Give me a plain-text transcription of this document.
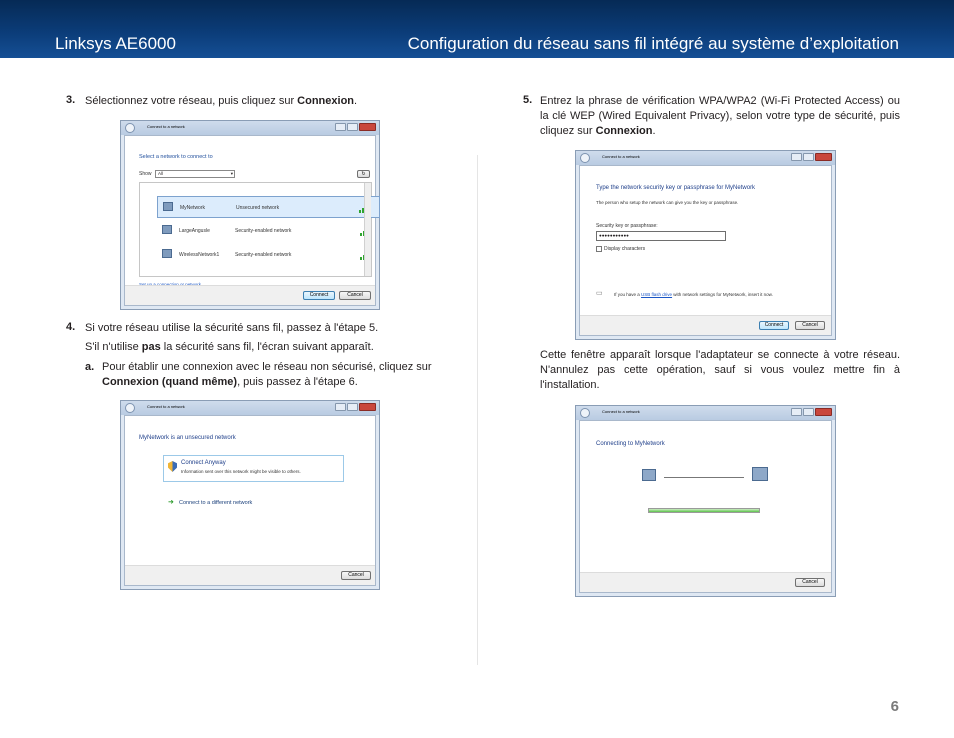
Linksys AE6000	Configuration du réseau sans fil intégré au système d’exploitation
3. Sélectionnez votre réseau, puis cliquez sur Connexion.
Connect to a network
Select a network to connect to
Show	All	▾	↻
MyNetwork	Unsecured network
LargeAngusle	Security-enabled network
WirelessNetwork1	Security-enabled network
Connect	Cancel
4. Si votre réseau utilise la sécurité sans fil, passez à l'étape 5.
S'il n'utilise pas la sécurité sans fil, l'écran suivant apparaît.
a. Pour établir une connexion avec le réseau non sécurisé, cliquez sur Connexion (quand même), puis passez à l'étape 6.
Connect to a network
MyNetwork is an unsecured network
Connect Anyway
Information sent over this network might be visible to others.
➜ Connect to a different network
Cancel
5. Entrez la phrase de vérification WPA/WPA2 (Wi-Fi Protected Access) ou la clé WEP (Wired Equivalent Privacy), selon votre type de sécurité, puis cliquez sur Connexion.
Connect to a network
Type the network security key or passphrase for MyNetwork
The person who setup the network can give you the key or passphrase.
Security key or passphrase:
●●●●●●●●●●●
Display characters
▭	If you have a USB flash drive with network settings for MyNetwork, insert it now.
Connect	Cancel
Cette fenêtre apparaît lorsque l'adaptateur se connecte à votre réseau. N'annulez pas cette opération, sauf si vous voulez mettre fin à l'installation.
Connect to a network
Connecting to MyNetwork
Cancel
6
